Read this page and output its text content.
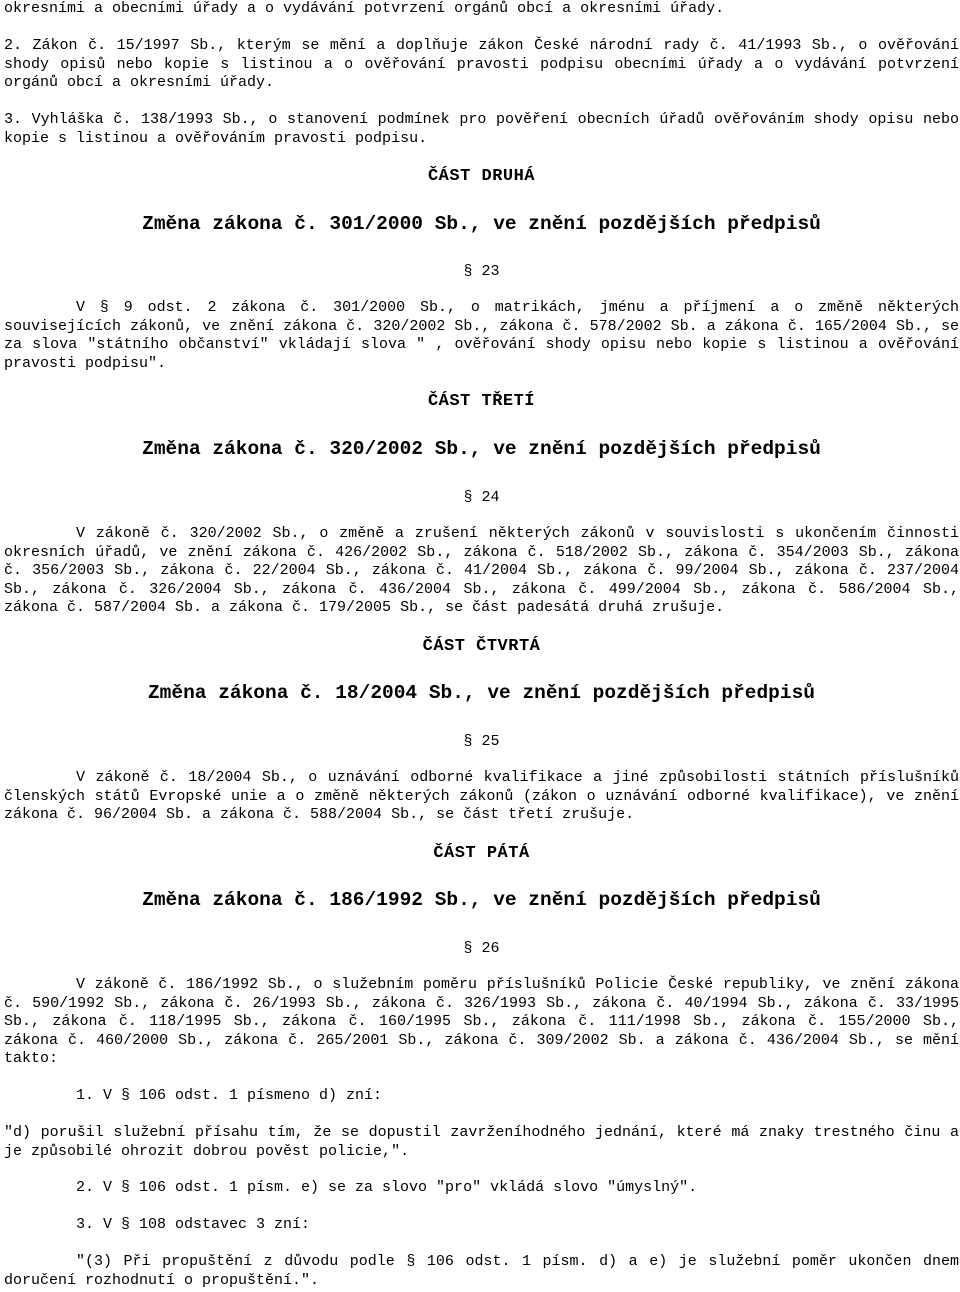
okresními a obecními úřady a o vydávání potvrzení orgánů obcí a okresními úřady.

2. Zákon č. 15/1997 Sb., kterým se mění a doplňuje zákon České národní rady č. 41/1993 Sb., o ověřování shody opisů nebo kopie s listinou a o ověřování pravosti podpisu obecními úřady a o vydávání potvrzení orgánů obcí a okresními úřady.

3. Vyhláška č. 138/1993 Sb., o stanovení podmínek pro pověření obecních úřadů ověřováním shody opisu nebo kopie s listinou a ověřováním pravosti podpisu.

ČÁST DRUHÁ

Změna zákona č. 301/2000 Sb., ve znění pozdějších předpisů

§ 23

V § 9 odst. 2 zákona č. 301/2000 Sb., o matrikách, jménu a příjmení a o změně některých souvisejících zákonů, ve znění zákona č. 320/2002 Sb., zákona č. 578/2002 Sb. a zákona č. 165/2004 Sb., se za slova "státního občanství" vkládají slova " , ověřování shody opisu nebo kopie s listinou a ověřování pravosti podpisu".

ČÁST TŘETÍ

Změna zákona č. 320/2002 Sb., ve znění pozdějších předpisů

§ 24

V zákoně č. 320/2002 Sb., o změně a zrušení některých zákonů v souvislosti s ukončením činnosti okresních úřadů, ve znění zákona č. 426/2002 Sb., zákona č. 518/2002 Sb., zákona č. 354/2003 Sb., zákona č. 356/2003 Sb., zákona č. 22/2004 Sb., zákona č. 41/2004 Sb., zákona č. 99/2004 Sb., zákona č. 237/2004 Sb., zákona č. 326/2004 Sb., zákona č. 436/2004 Sb., zákona č. 499/2004 Sb., zákona č. 586/2004 Sb., zákona č. 587/2004 Sb. a zákona č. 179/2005 Sb., se část padesátá druhá zrušuje.

ČÁST ČTVRTÁ

Změna zákona č. 18/2004 Sb., ve znění pozdějších předpisů

§ 25

V zákoně č. 18/2004 Sb., o uznávání odborné kvalifikace a jiné způsobilosti státních příslušníků členských států Evropské unie a o změně některých zákonů (zákon o uznávání odborné kvalifikace), ve znění zákona č. 96/2004 Sb. a zákona č. 588/2004 Sb., se část třetí zrušuje.

ČÁST PÁTÁ

Změna zákona č. 186/1992 Sb., ve znění pozdějších předpisů

§ 26

V zákoně č. 186/1992 Sb., o služebním poměru příslušníků Policie České republiky, ve znění zákona č. 590/1992 Sb., zákona č. 26/1993 Sb., zákona č. 326/1993 Sb., zákona č. 40/1994 Sb., zákona č. 33/1995 Sb., zákona č. 118/1995 Sb., zákona č. 160/1995 Sb., zákona č. 111/1998 Sb., zákona č. 155/2000 Sb., zákona č. 460/2000 Sb., zákona č. 265/2001 Sb., zákona č. 309/2002 Sb. a zákona č. 436/2004 Sb., se mění takto:

1. V § 106 odst. 1 písmeno d) zní:

"d) porušil služební přísahu tím, že se dopustil zavrženíhodného jednání, které má znaky trestného činu a je způsobilé ohrozit dobrou pověst policie,".

2. V § 106 odst. 1 písm. e) se za slovo "pro" vkládá slovo "úmyslný".

3. V § 108 odstavec 3 zní:

"(3) Při propuštění z důvodu podle § 106 odst. 1 písm. d) a e) je služební poměr ukončen dnem doručení rozhodnutí o propuštění.".
